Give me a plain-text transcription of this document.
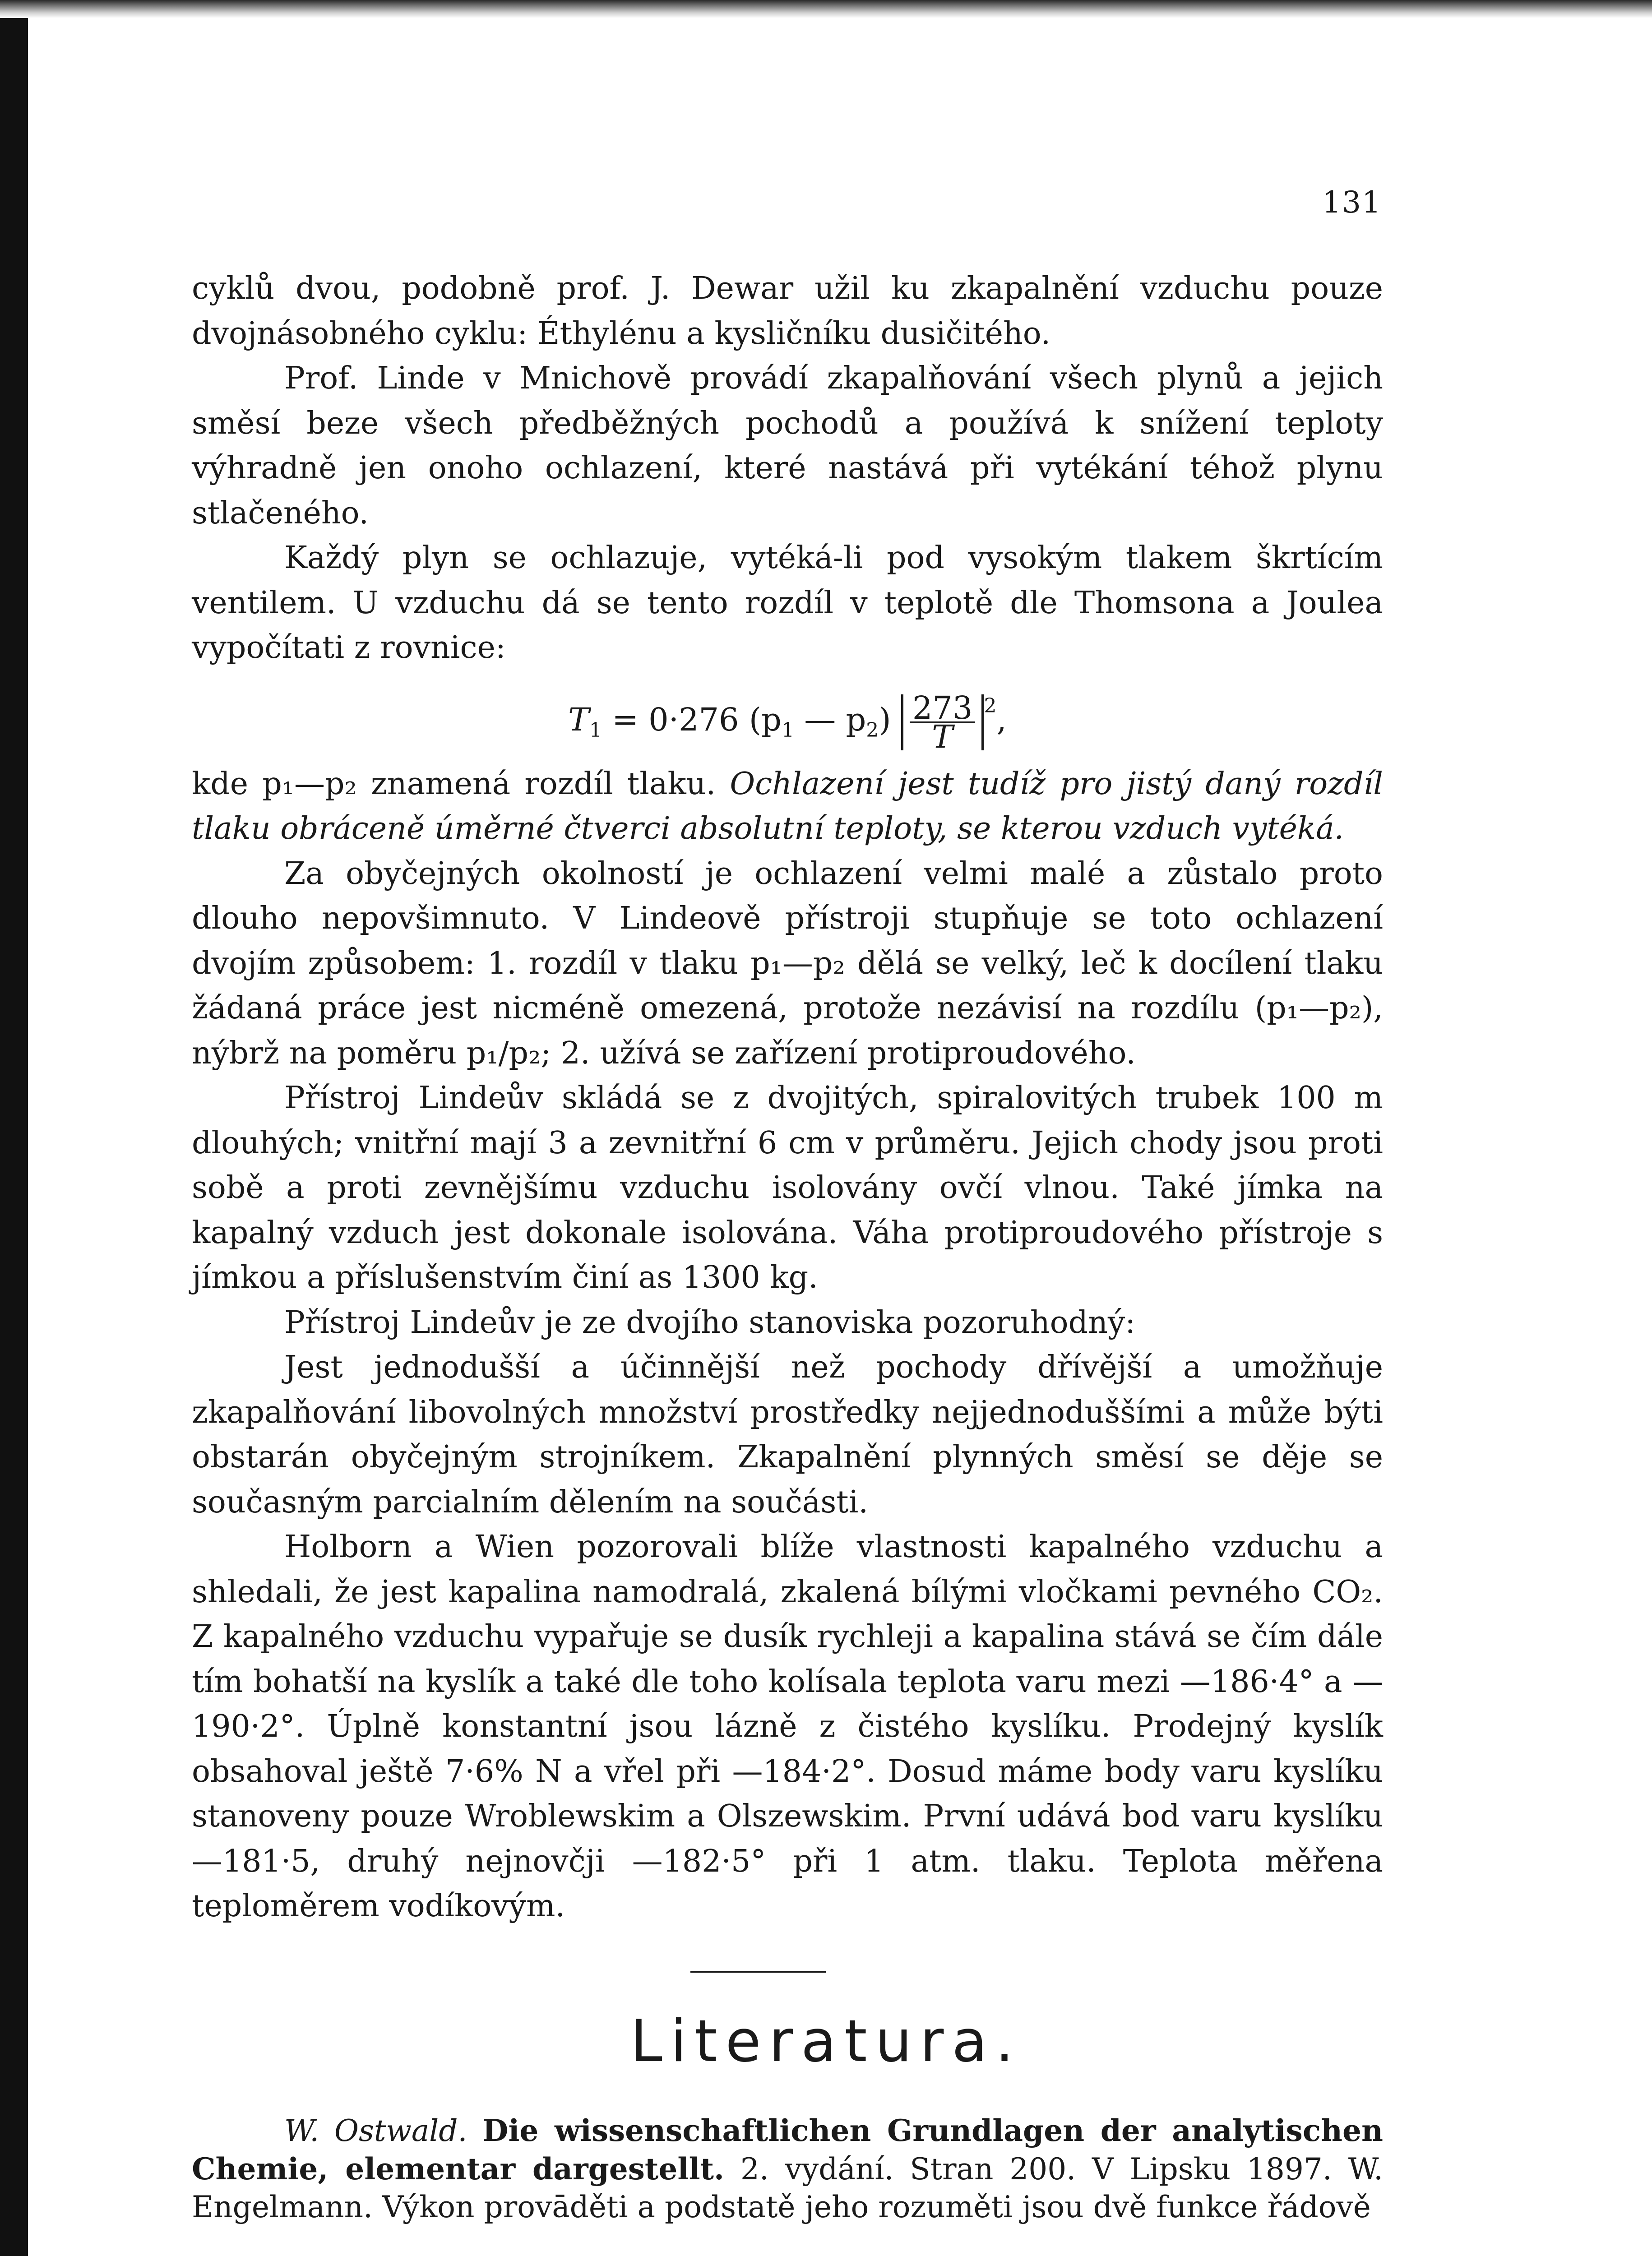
131

cyklů dvou, podobně prof. J. Dewar užil ku zkapalnění vzduchu pouze dvojnásobného cyklu: Éthylénu a kysličníku dusičitého.

Prof. Linde v Mnichově provádí zkapalňování všech plynů a jejich směsí beze všech předběžných pochodů a používá k snížení teploty výhradně jen onoho ochlazení, které nastává při vytékání téhož plynu stlačeného.

Každý plyn se ochlazuje, vytéká-li pod vysokým tlakem škrtícím ventilem. U vzduchu dá se tento rozdíl v teplotě dle Thomsona a Joulea vypočítati z rovnice:

$T_1 = 0\cdot 276$ ($p_1$ — $p_2) \frac{273}{T} ^2$,

kde p₁—p₂ znamená rozdíl tlaku. Ochlazení jest tudíž pro jistý daný rozdíl tlaku obráceně úměrné čtverci absolutní teploty, se kterou vzduch vytéká.

Za obyčejných okolností je ochlazení velmi malé a zůstalo proto dlouho nepovšimnuto. V Lindeově přístroji stupňuje se toto ochlazení dvojím způsobem: 1. rozdíl v tlaku p₁—p₂ dělá se velký, leč k docílení tlaku žádaná práce jest nicméně omezená, protože nezávisí na rozdílu (p₁—p₂), nýbrž na poměru p₁/p₂; 2. užívá se zařízení protiproudového.

Přístroj Lindeův skládá se z dvojitých, spiralovitých trubek 100 m dlouhých; vnitřní mají 3 a zevnitřní 6 cm v průměru. Jejich chody jsou proti sobě a proti zevnějšímu vzduchu isolovány ovčí vlnou. Také jímka na kapalný vzduch jest dokonale isolována. Váha protiproudového přístroje s jímkou a příslušenstvím činí as 1300 kg.

Přístroj Lindeův je ze dvojího stanoviska pozoruhodný:

Jest jednodušší a účinnější než pochody dřívější a umožňuje zkapalňování libovolných množství prostředky nejjednoduššími a může býti obstarán obyčejným strojníkem. Zkapalnění plynných směsí se děje se současným parcialním dělením na součásti.

Holborn a Wien pozorovali blíže vlastnosti kapalného vzduchu a shledali, že jest kapalina namodralá, zkalená bílými vločkami pevného CO₂. Z kapalného vzduchu vypařuje se dusík rychleji a kapalina stává se čím dále tím bohatší na kyslík a také dle toho kolísala teplota varu mezi —186·4° a —190·2°. Úplně konstantní jsou lázně z čistého kyslíku. Prodejný kyslík obsahoval ještě 7·6% N a vřel při —184·2°. Dosud máme body varu kyslíku stanoveny pouze Wroblewskim a Olszewskim. První udává bod varu kyslíku —181·5, druhý nejnovčji —182·5° při 1 atm. tlaku. Teplota měřena teploměrem vodíkovým.

Literatura.

W. Ostwald. Die wissenschaftlichen Grundlagen der analytischen Chemie, elementar dargestellt. 2. vydání. Stran 200. V Lipsku 1897. W. Engelmann. Výkon provāděti a podstatě jeho rozuměti jsou dvě funkce řádově
